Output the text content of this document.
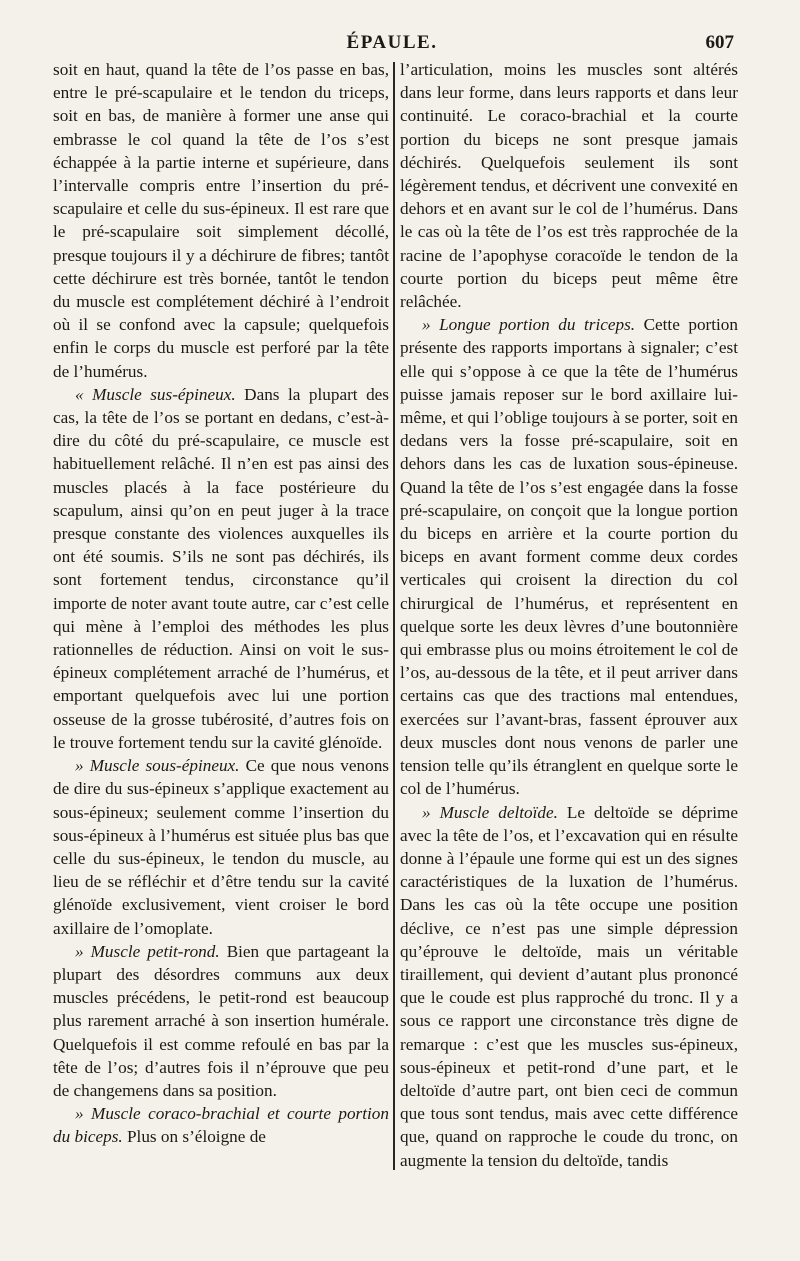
ÉPAULE.	607

soit en haut, quand la tête de l’os passe en bas, entre le pré-scapulaire et le tendon du triceps, soit en bas, de manière à former une anse qui embrasse le col quand la tête de l’os s’est échappée à la partie interne et supérieure, dans l’intervalle compris entre l’insertion du pré-scapulaire et celle du sus-épineux. Il est rare que le pré-scapulaire soit simplement décollé, presque toujours il y a déchirure de fibres; tantôt cette déchirure est très bornée, tantôt le tendon du muscle est complétement déchiré à l’endroit où il se confond avec la capsule; quelquefois enfin le corps du muscle est perforé par la tête de l’humérus.

« Muscle sus-épineux. Dans la plupart des cas, la tête de l’os se portant en dedans, c’est-à-dire du côté du pré-scapulaire, ce muscle est habituellement relâché. Il n’en est pas ainsi des muscles placés à la face postérieure du scapulum, ainsi qu’on en peut juger à la trace presque constante des violences auxquelles ils ont été soumis. S’ils ne sont pas déchirés, ils sont fortement tendus, circonstance qu’il importe de noter avant toute autre, car c’est celle qui mène à l’emploi des méthodes les plus rationnelles de réduction. Ainsi on voit le sus-épineux complétement arraché de l’humérus, et emportant quelquefois avec lui une portion osseuse de la grosse tubérosité, d’autres fois on le trouve fortement tendu sur la cavité glénoïde.

» Muscle sous-épineux. Ce que nous venons de dire du sus-épineux s’applique exactement au sous-épineux; seulement comme l’insertion du sous-épineux à l’humérus est située plus bas que celle du sus-épineux, le tendon du muscle, au lieu de se réfléchir et d’être tendu sur la cavité glénoïde exclusivement, vient croiser le bord axillaire de l’omoplate.

» Muscle petit-rond. Bien que partageant la plupart des désordres communs aux deux muscles précédens, le petit-rond est beaucoup plus rarement arraché à son insertion humérale. Quelquefois il est comme refoulé en bas par la tête de l’os; d’autres fois il n’éprouve que peu de changemens dans sa position.

» Muscle coraco-brachial et courte portion du biceps. Plus on s’éloigne de

l’articulation, moins les muscles sont altérés dans leur forme, dans leurs rapports et dans leur continuité. Le coraco-brachial et la courte portion du biceps ne sont presque jamais déchirés. Quelquefois seulement ils sont légèrement tendus, et décrivent une convexité en dehors et en avant sur le col de l’humérus. Dans le cas où la tête de l’os est très rapprochée de la racine de l’apophyse coracoïde le tendon de la courte portion du biceps peut même être relâchée.

» Longue portion du triceps. Cette portion présente des rapports importans à signaler; c’est elle qui s’oppose à ce que la tête de l’humérus puisse jamais reposer sur le bord axillaire lui-même, et qui l’oblige toujours à se porter, soit en dedans vers la fosse pré-scapulaire, soit en dehors dans les cas de luxation sous-épineuse. Quand la tête de l’os s’est engagée dans la fosse pré-scapulaire, on conçoit que la longue portion du biceps en arrière et la courte portion du biceps en avant forment comme deux cordes verticales qui croisent la direction du col chirurgical de l’humérus, et représentent en quelque sorte les deux lèvres d’une boutonnière qui embrasse plus ou moins étroitement le col de l’os, au-dessous de la tête, et il peut arriver dans certains cas que des tractions mal entendues, exercées sur l’avant-bras, fassent éprouver aux deux muscles dont nous venons de parler une tension telle qu’ils étranglent en quelque sorte le col de l’humérus.

» Muscle deltoïde. Le deltoïde se déprime avec la tête de l’os, et l’excavation qui en résulte donne à l’épaule une forme qui est un des signes caractéristiques de la luxation de l’humérus. Dans les cas où la tête occupe une position déclive, ce n’est pas une simple dépression qu’éprouve le deltoïde, mais un véritable tiraillement, qui devient d’autant plus prononcé que le coude est plus rapproché du tronc. Il y a sous ce rapport une circonstance très digne de remarque : c’est que les muscles sus-épineux, sous-épineux et petit-rond d’une part, et le deltoïde d’autre part, ont bien ceci de commun que tous sont tendus, mais avec cette différence que, quand on rapproche le coude du tronc, on augmente la tension du deltoïde, tandis
